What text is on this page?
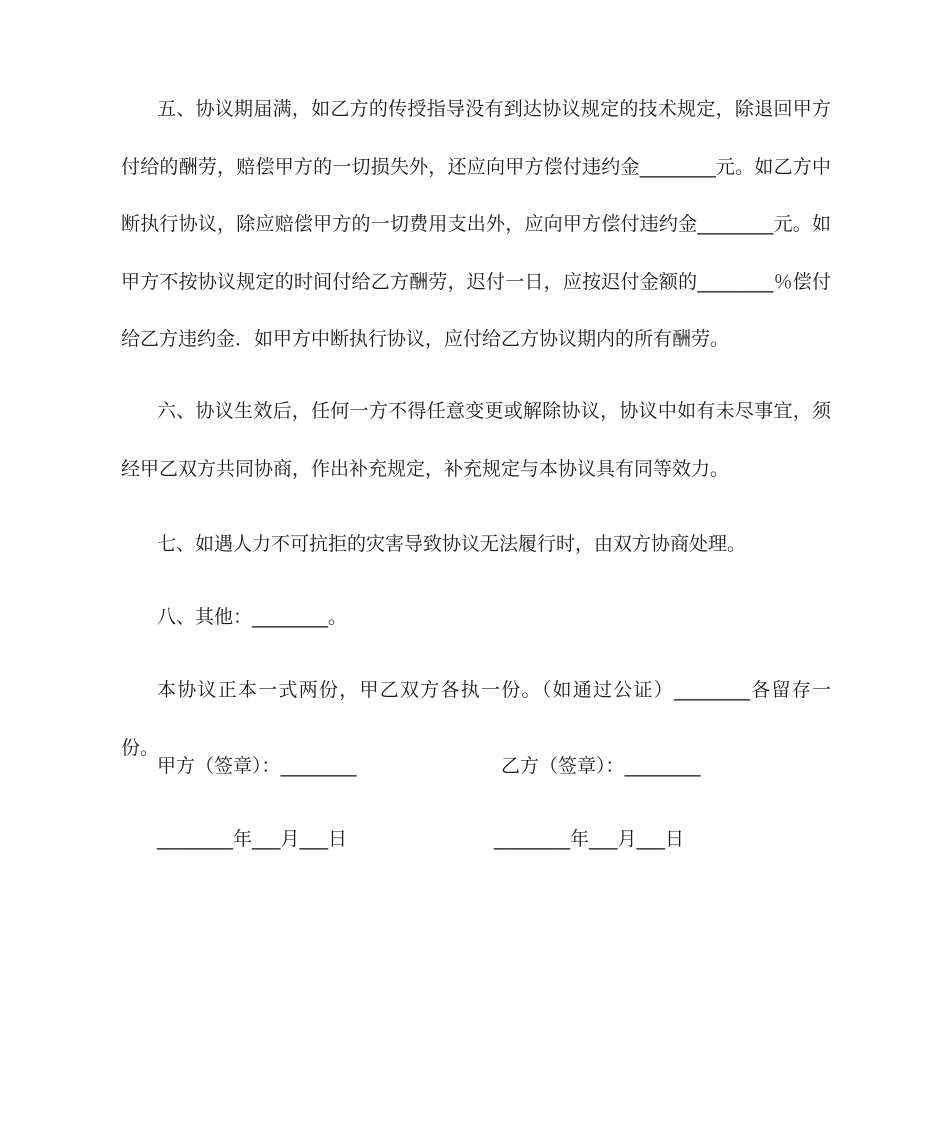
五、协议期届满，如乙方的传授指导没有到达协议规定的技术规定，除退回甲方付给的酬劳，赔偿甲方的一切损失外，还应向甲方偿付违约金________元。如乙方中断执行协议，除应赔偿甲方的一切费用支出外，应向甲方偿付违约金________元。如甲方不按协议规定的时间付给乙方酬劳，迟付一日，应按迟付金额的________％偿付给乙方违约金．如甲方中断执行协议，应付给乙方协议期内的所有酬劳。
六、协议生效后，任何一方不得任意变更或解除协议，协议中如有未尽事宜，须经甲乙双方共同协商，作出补充规定，补充规定与本协议具有同等效力。
七、如遇人力不可抗拒的灾害导致协议无法履行时，由双方协商处理。
八、其他：________。
本协议正本一式两份，甲乙双方各执一份。（如通过公证）________各留存一份。
甲方（签章）：________	乙方（签章）：________
________年___月___日	________年___月___日
